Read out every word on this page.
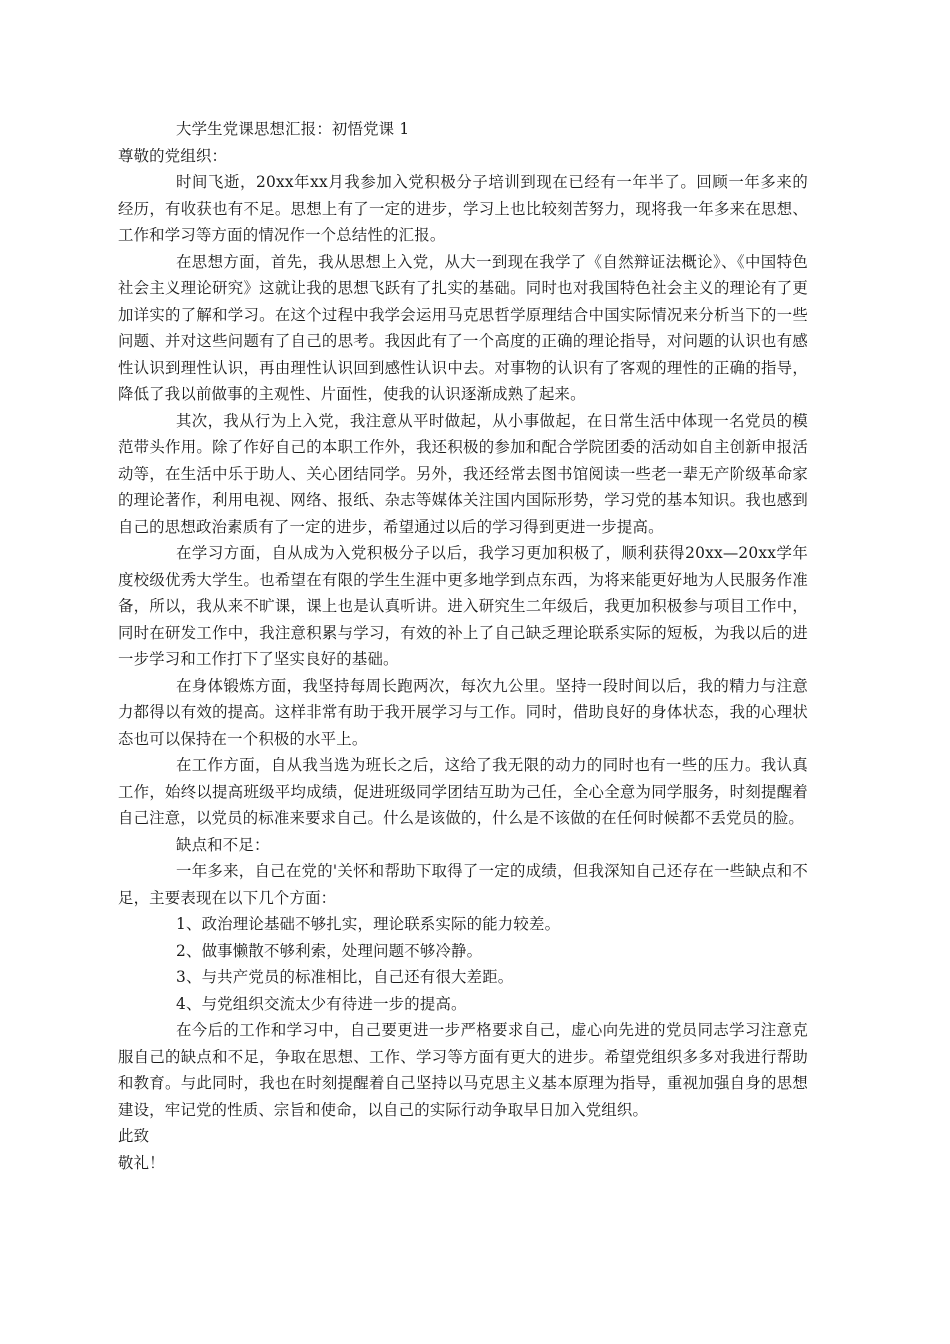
大学生党课思想汇报：初悟党课 1

尊敬的党组织：

时间飞逝，20xx年xx月我参加入党积极分子培训到现在已经有一年半了。回顾一年多来的经历，有收获也有不足。思想上有了一定的进步，学习上也比较刻苦努力，现将我一年多来在思想、工作和学习等方面的情况作一个总结性的汇报。

在思想方面，首先，我从思想上入党，从大一到现在我学了《自然辩证法概论》、《中国特色社会主义理论研究》这就让我的思想飞跃有了扎实的基础。同时也对我国特色社会主义的理论有了更加详实的了解和学习。在这个过程中我学会运用马克思哲学原理结合中国实际情况来分析当下的一些问题、并对这些问题有了自己的思考。我因此有了一个高度的正确的理论指导，对问题的认识也有感性认识到理性认识，再由理性认识回到感性认识中去。对事物的认识有了客观的理性的正确的指导，降低了我以前做事的主观性、片面性，使我的认识逐渐成熟了起来。

其次，我从行为上入党，我注意从平时做起，从小事做起，在日常生活中体现一名党员的模范带头作用。除了作好自己的本职工作外，我还积极的参加和配合学院团委的活动如自主创新申报活动等，在生活中乐于助人、关心团结同学。另外，我还经常去图书馆阅读一些老一辈无产阶级革命家的理论著作，利用电视、网络、报纸、杂志等媒体关注国内国际形势，学习党的基本知识。我也感到自己的思想政治素质有了一定的进步，希望通过以后的学习得到更进一步提高。

在学习方面，自从成为入党积极分子以后，我学习更加积极了，顺利获得20xx—20xx学年度校级优秀大学生。也希望在有限的学生生涯中更多地学到点东西，为将来能更好地为人民服务作准备，所以，我从来不旷课，课上也是认真听讲。进入研究生二年级后，我更加积极参与项目工作中，同时在研发工作中，我注意积累与学习，有效的补上了自己缺乏理论联系实际的短板，为我以后的进一步学习和工作打下了坚实良好的基础。

在身体锻炼方面，我坚持每周长跑两次，每次九公里。坚持一段时间以后，我的精力与注意力都得以有效的提高。这样非常有助于我开展学习与工作。同时，借助良好的身体状态，我的心理状态也可以保持在一个积极的水平上。

在工作方面，自从我当选为班长之后，这给了我无限的动力的同时也有一些的压力。我认真工作，始终以提高班级平均成绩，促进班级同学团结互助为己任，全心全意为同学服务，时刻提醒着自己注意，以党员的标准来要求自己。什么是该做的，什么是不该做的在任何时候都不丢党员的脸。

缺点和不足：

一年多来，自己在党的'关怀和帮助下取得了一定的成绩，但我深知自己还存在一些缺点和不足，主要表现在以下几个方面：

1、政治理论基础不够扎实，理论联系实际的能力较差。

2、做事懒散不够利索，处理问题不够冷静。

3、与共产党员的标准相比，自己还有很大差距。

4、与党组织交流太少有待进一步的提高。

在今后的工作和学习中，自己要更进一步严格要求自己，虚心向先进的党员同志学习注意克服自己的缺点和不足，争取在思想、工作、学习等方面有更大的进步。希望党组织多多对我进行帮助和教育。与此同时，我也在时刻提醒着自己坚持以马克思主义基本原理为指导，重视加强自身的思想建设，牢记党的性质、宗旨和使命，以自己的实际行动争取早日加入党组织。

此致

敬礼！
